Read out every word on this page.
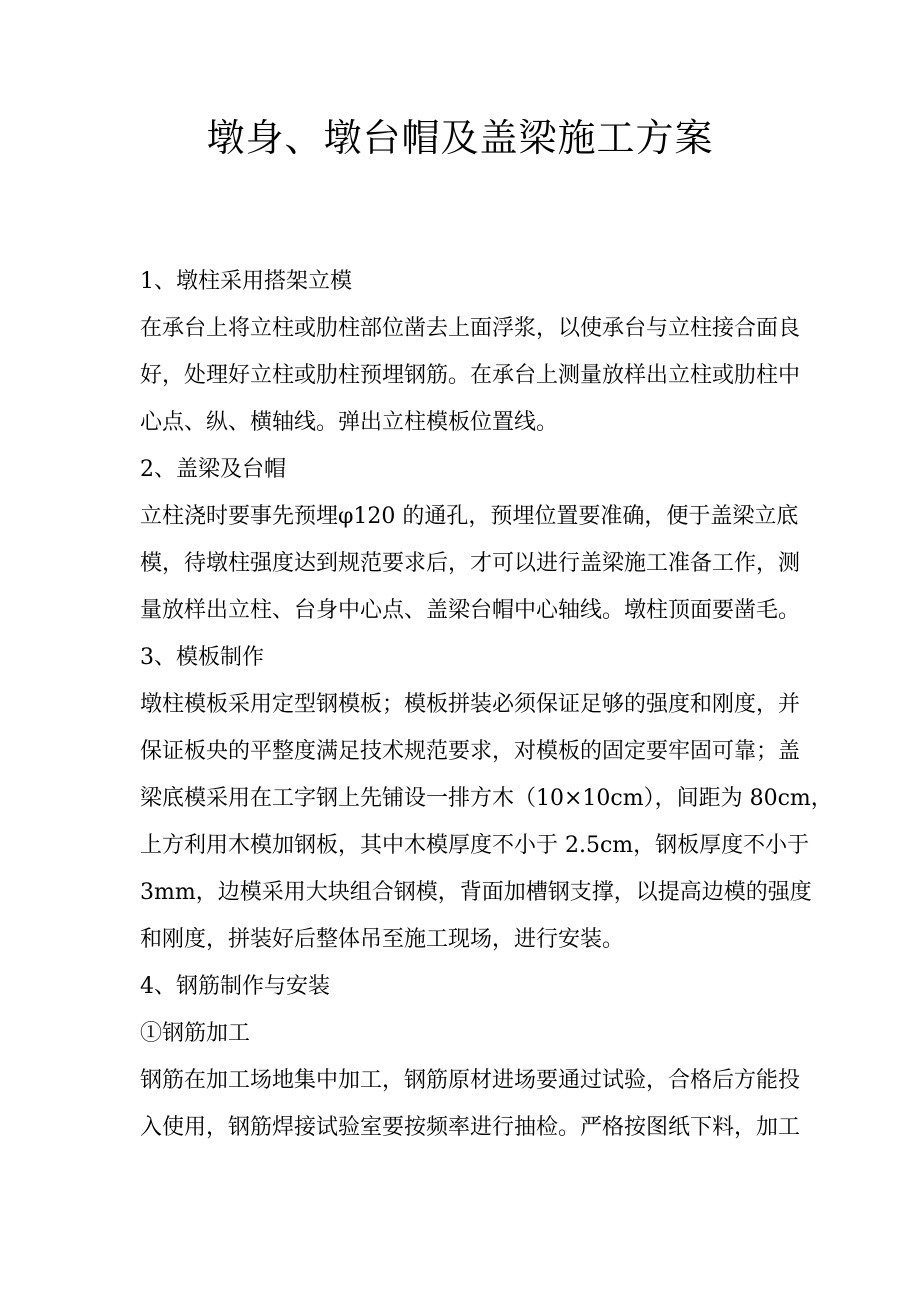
墩身、墩台帽及盖梁施工方案

1、墩柱采用搭架立模

在承台上将立柱或肋柱部位凿去上面浮浆，以使承台与立柱接合面良
好，处理好立柱或肋柱预埋钢筋。在承台上测量放样出立柱或肋柱中
心点、纵、横轴线。弹出立柱模板位置线。

2、盖梁及台帽

立柱浇时要事先预埋φ120 的通孔，预埋位置要准确，便于盖梁立底
模，待墩柱强度达到规范要求后，才可以进行盖梁施工准备工作，测
量放样出立柱、台身中心点、盖梁台帽中心轴线。墩柱顶面要凿毛。

3、模板制作

墩柱模板采用定型钢模板；模板拼装必须保证足够的强度和刚度，并
保证板央的平整度满足技术规范要求，对模板的固定要牢固可靠；盖
梁底模采用在工字钢上先铺设一排方木（10×10cm），间距为 80cm，
上方利用木模加钢板，其中木模厚度不小于 2.5cm，钢板厚度不小于
3mm，边模采用大块组合钢模，背面加槽钢支撑，以提高边模的强度
和刚度，拼装好后整体吊至施工现场，进行安装。

4、钢筋制作与安装

①钢筋加工

钢筋在加工场地集中加工，钢筋原材进场要通过试验，合格后方能投
入使用，钢筋焊接试验室要按频率进行抽检。严格按图纸下料，加工
